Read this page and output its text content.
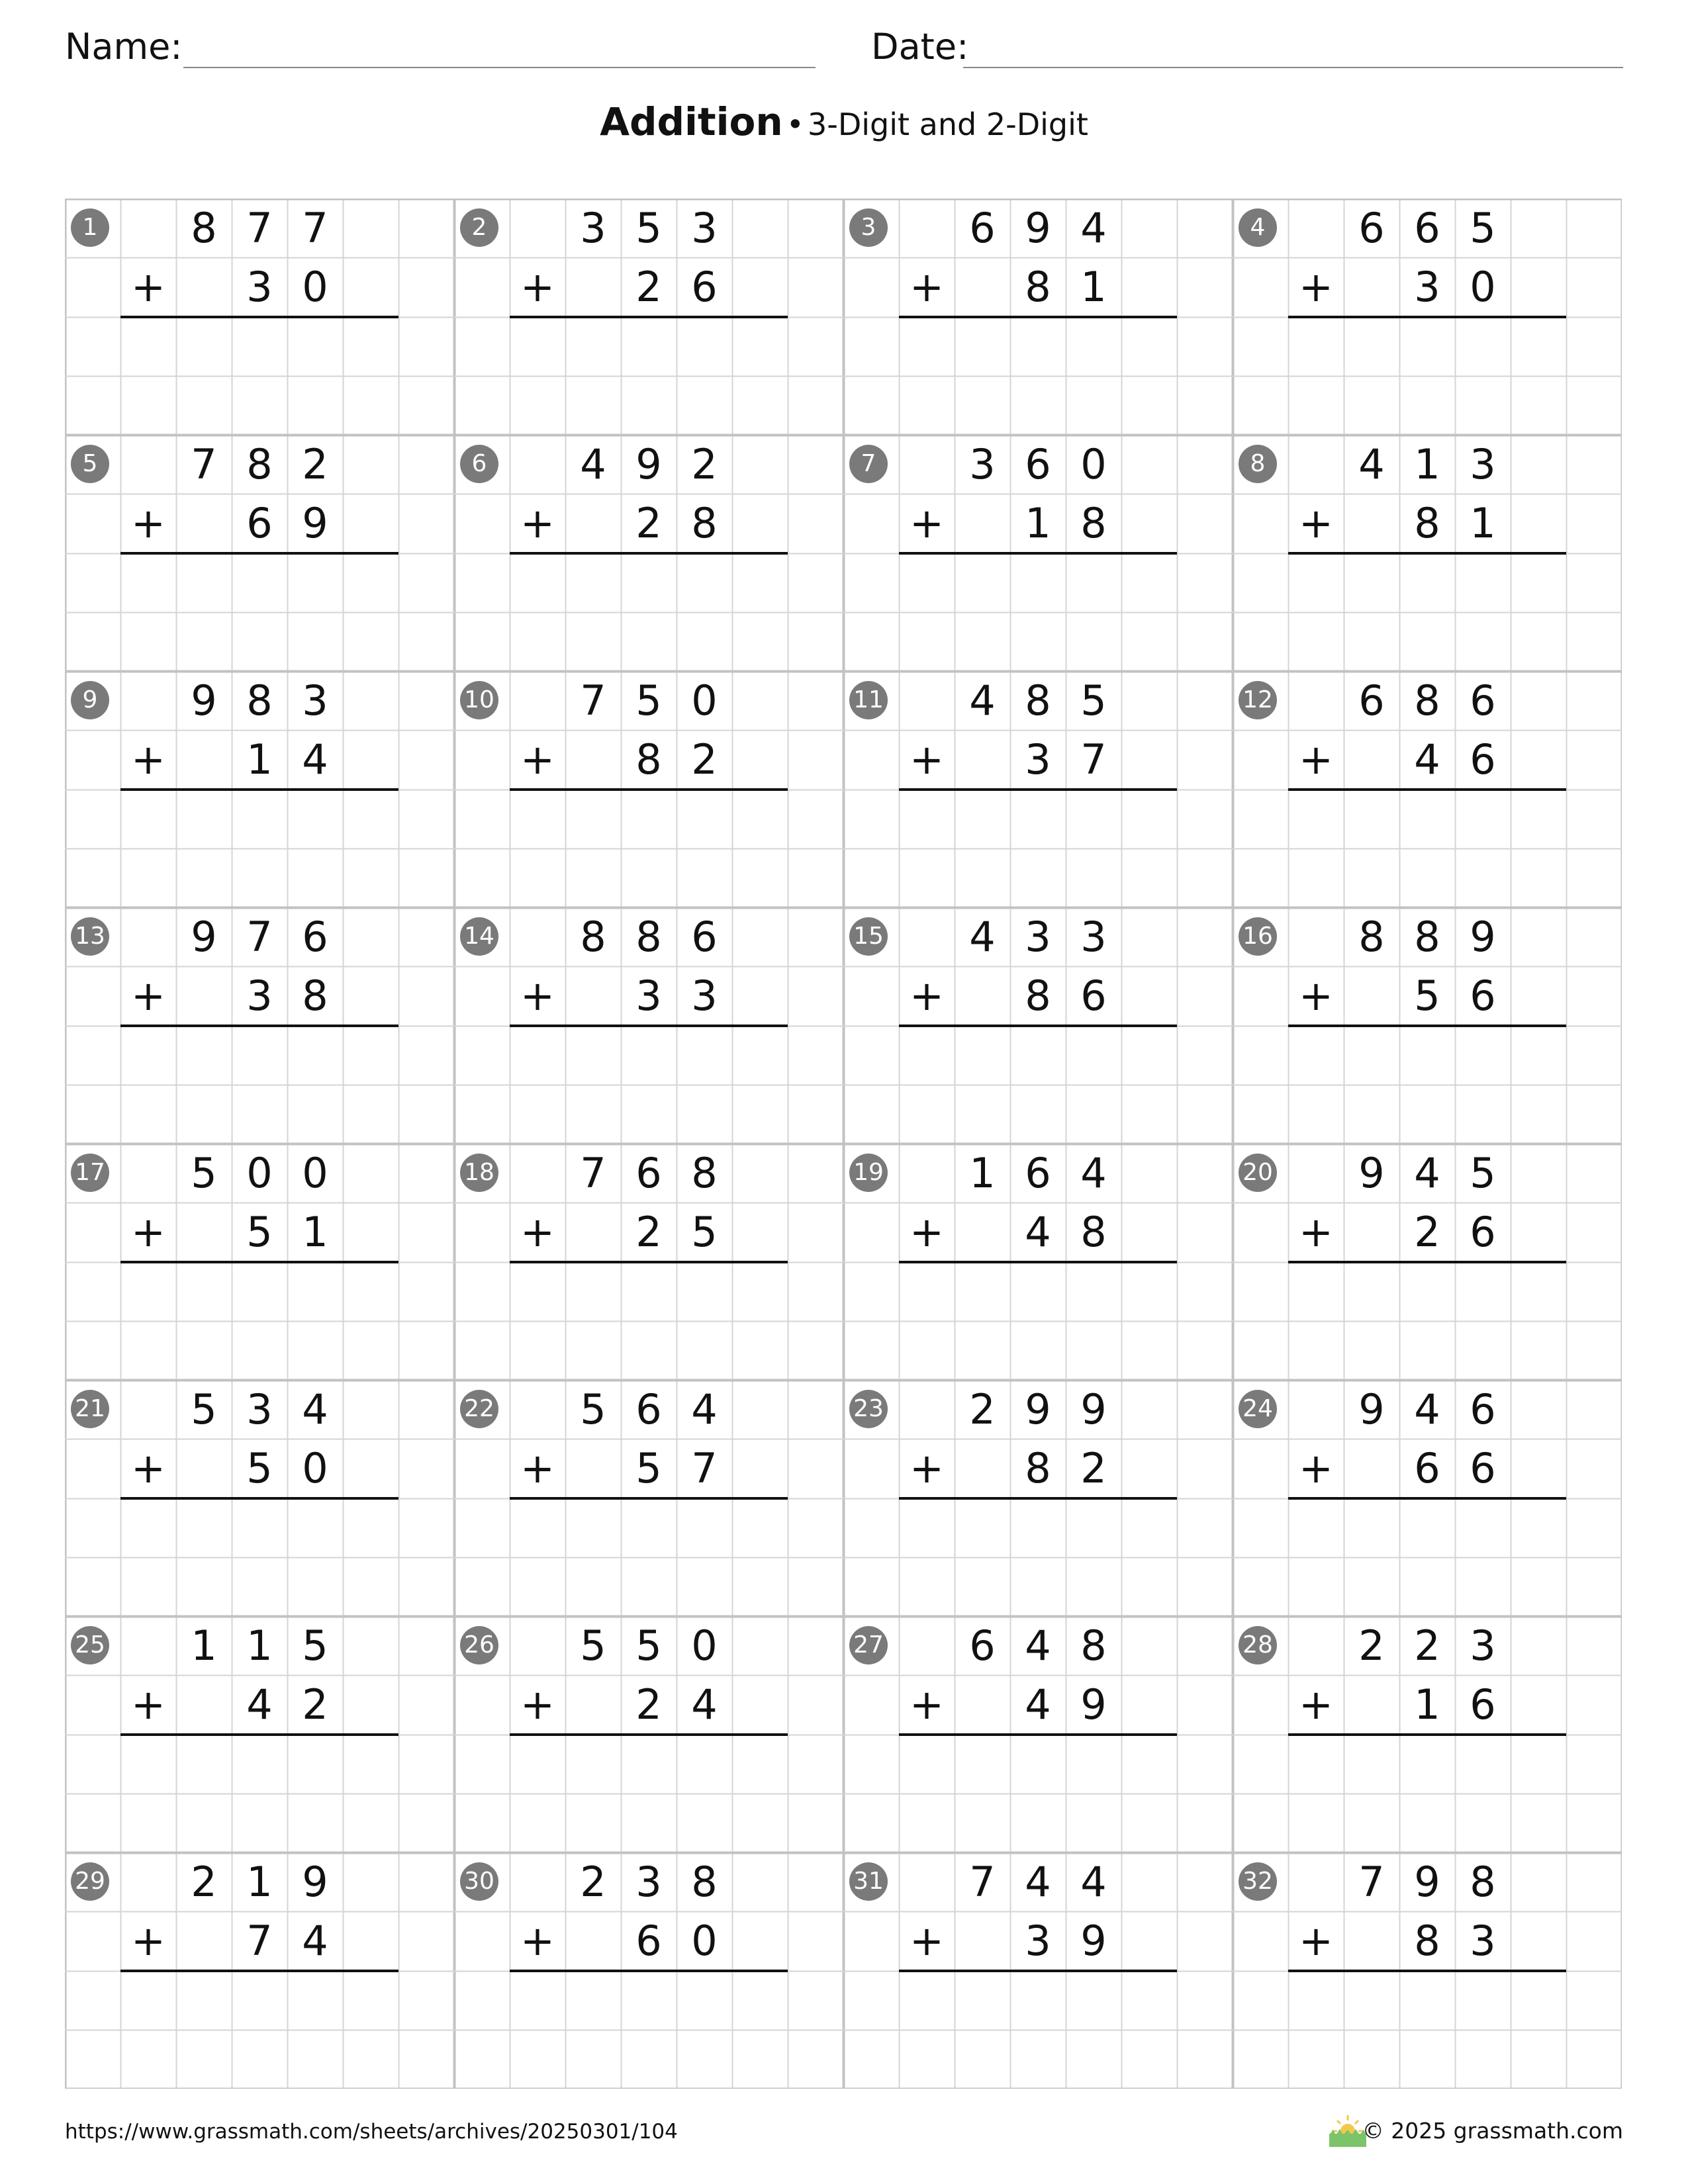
Name:	Date:
Addition • 3-Digit and 2-Digit
1	8 7 7
+	3 0
2	3 5 3
+	2 6
3	6 9 4
+	8 1
4	6 6 5
+	3 0
5	7 8 2
+	6 9
6	4 9 2
+	2 8
7	3 6 0
+	1 8
8	4 1 3
+	8 1
9	9 8 3
+	1 4
10	7 5 0
+	8 2
11	4 8 5
+	3 7
12	6 8 6
+	4 6
13	9 7 6
+	3 8
14	8 8 6
+	3 3
15	4 3 3
+	8 6
16	8 8 9
+	5 6
17	5 0 0
+	5 1
18	7 6 8
+	2 5
19	1 6 4
+	4 8
20	9 4 5
+	2 6
21	5 3 4
+	5 0
22	5 6 4
+	5 7
23	2 9 9
+	8 2
24	9 4 6
+	6 6
25	1 1 5
+	4 2
26	5 5 0
+	2 4
27	6 4 8
+	4 9
28	2 2 3
+	1 6
29	2 1 9
+	7 4
30	2 3 8
+	6 0
31	7 4 4
+	3 9
32	7 9 8
+	8 3
https://www.grassmath.com/sheets/archives/20250301/104	© 2025 grassmath.com
